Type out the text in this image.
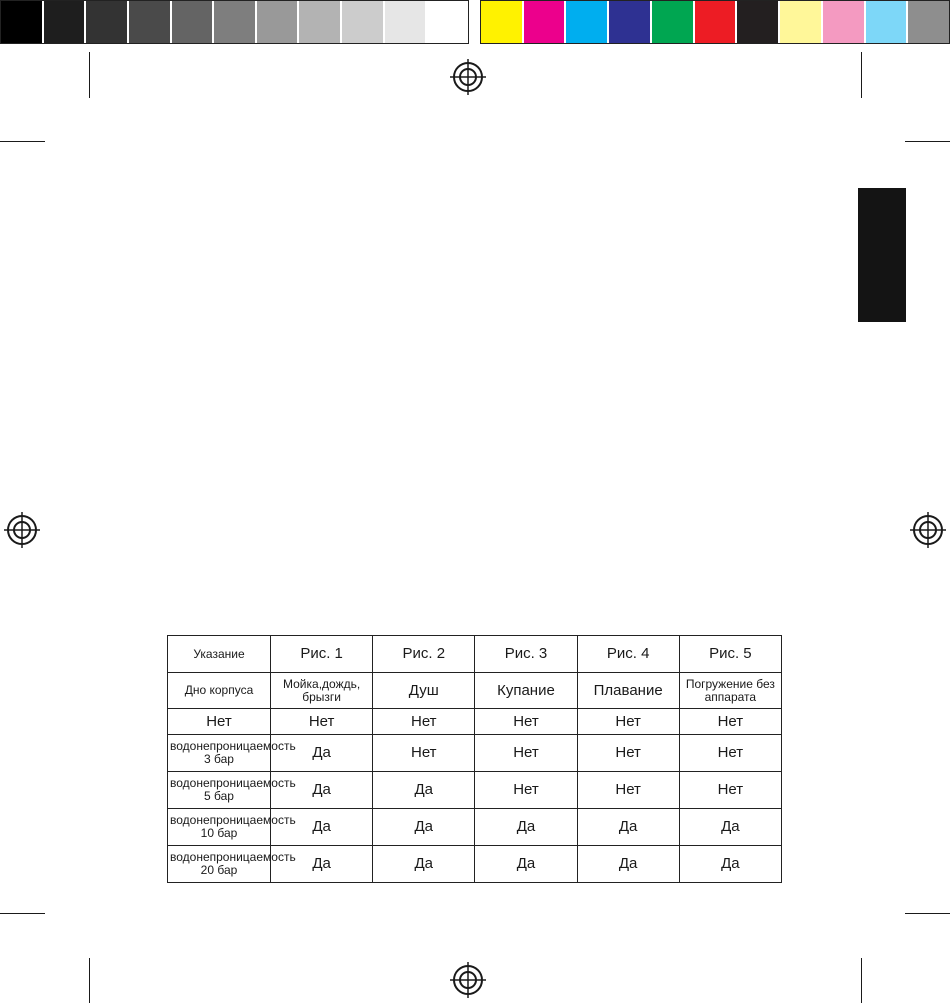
Указание	Рис. 1	Рис. 2	Рис. 3	Рис. 4	Рис. 5
Дно корпуса	Мойка,дождь, брызги	Душ	Купание	Плавание	Погружение без аппарата
Нет	Нет	Нет	Нет	Нет	Нет
водонепроницаемость 3 бар	Да	Нет	Нет	Нет	Нет
водонепроницаемость 5 бар	Да	Да	Нет	Нет	Нет
водонепроницаемость 10 бар	Да	Да	Да	Да	Да
водонепроницаемость 20 бар	Да	Да	Да	Да	Да
